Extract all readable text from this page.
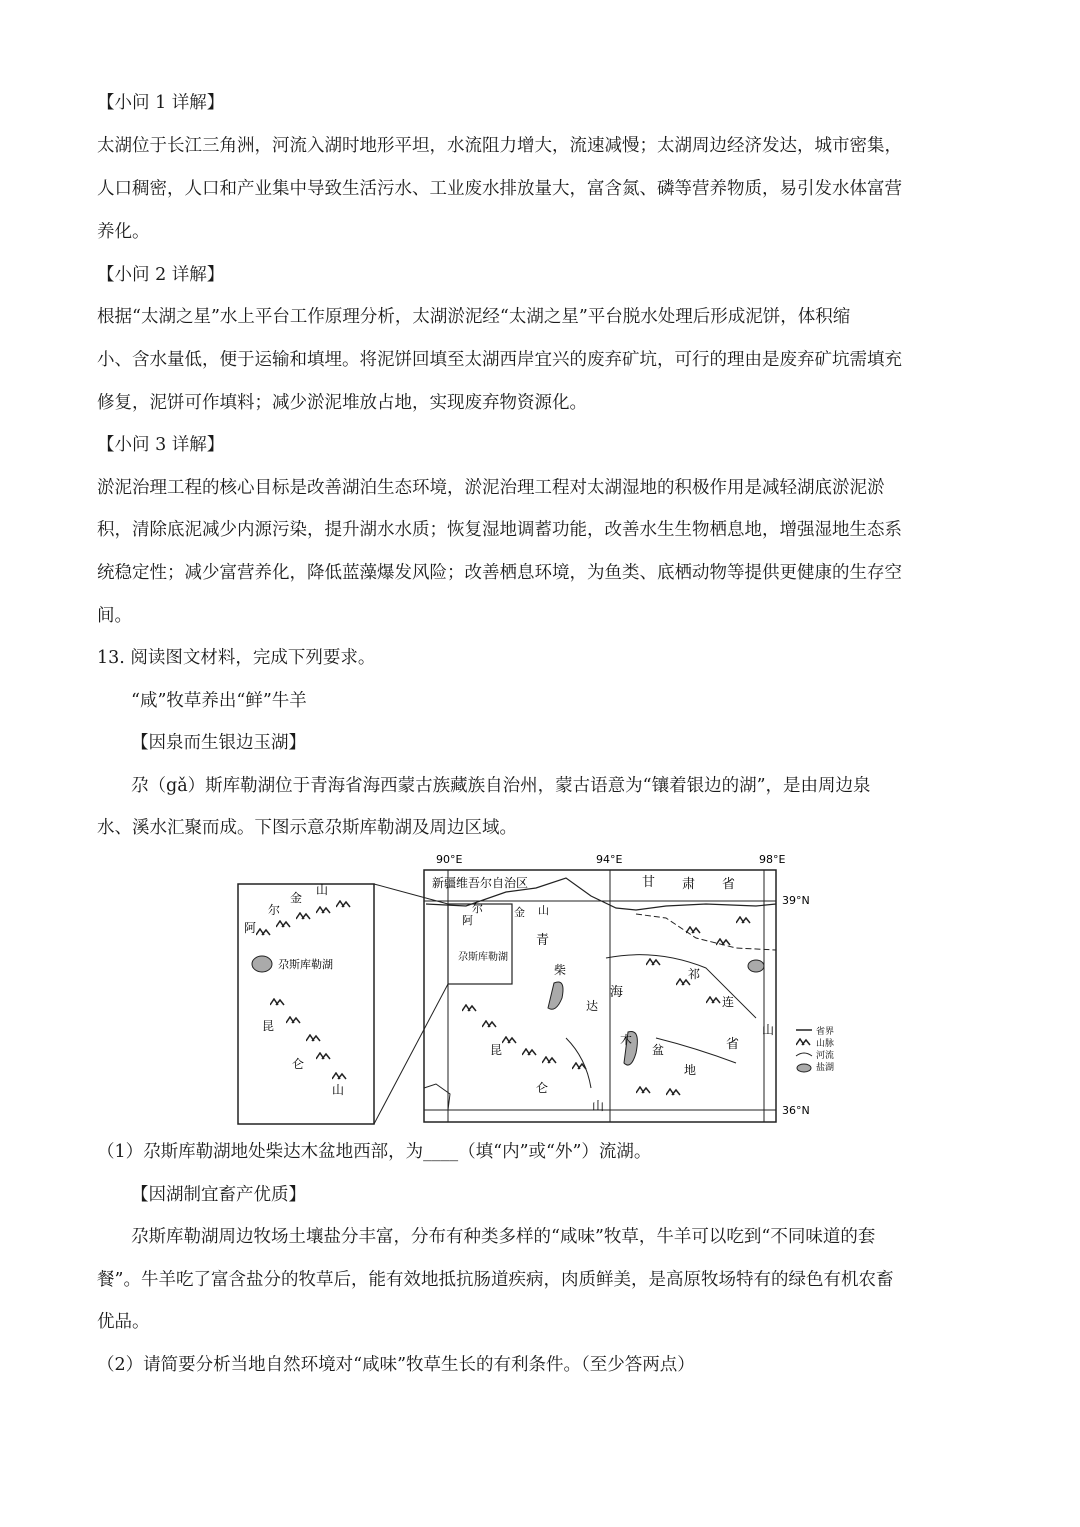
【小问 1 详解】
太湖位于长江三角洲，河流入湖时地形平坦，水流阻力增大，流速减慢；太湖周边经济发达，城市密集，
人口稠密，人口和产业集中导致生活污水、工业废水排放量大，富含氮、磷等营养物质，易引发水体富营
养化。
【小问 2 详解】
根据“太湖之星”水上平台工作原理分析，太湖淤泥经“太湖之星”平台脱水处理后形成泥饼，体积缩
小、含水量低，便于运输和填埋。将泥饼回填至太湖西岸宜兴的废弃矿坑，可行的理由是废弃矿坑需填充
修复，泥饼可作填料；减少淤泥堆放占地，实现废弃物资源化。
【小问 3 详解】
淤泥治理工程的核心目标是改善湖泊生态环境，淤泥治理工程对太湖湿地的积极作用是减轻湖底淤泥淤
积，清除底泥减少内源污染，提升湖水水质；恢复湿地调蓄功能，改善水生生物栖息地，增强湿地生态系
统稳定性；减少富营养化，降低蓝藻爆发风险；改善栖息环境，为鱼类、底栖动物等提供更健康的生存空
间。
13. 阅读图文材料，完成下列要求。
“咸”牧草养出“鲜”牛羊
【因泉而生银边玉湖】
尕（gǎ）斯库勒湖位于青海省海西蒙古族藏族自治州，蒙古语意为“镶着银边的湖”，是由周边泉
水、溪水汇聚而成。下图示意尕斯库勒湖及周边区域。
90°E	94°E	98°E
39°N
36°N
新疆维吾尔自治区	甘 肃 省
青
海
省
阿
尔
金
山
尕斯库勒湖
昆
仑
山
阿
尔	金 山
尕斯库勒湖
柴
达
木
盆
地
昆
仑
山
祁
连
山	省界
山脉
河流
盐湖
（1）尕斯库勒湖地处柴达木盆地西部，为____（填“内”或“外”）流湖。
【因湖制宜畜产优质】
尕斯库勒湖周边牧场土壤盐分丰富，分布有种类多样的“咸味”牧草，牛羊可以吃到“不同味道的套
餐”。牛羊吃了富含盐分的牧草后，能有效地抵抗肠道疾病，肉质鲜美，是高原牧场特有的绿色有机农畜
优品。
（2）请简要分析当地自然环境对“咸味”牧草生长的有利条件。（至少答两点）
